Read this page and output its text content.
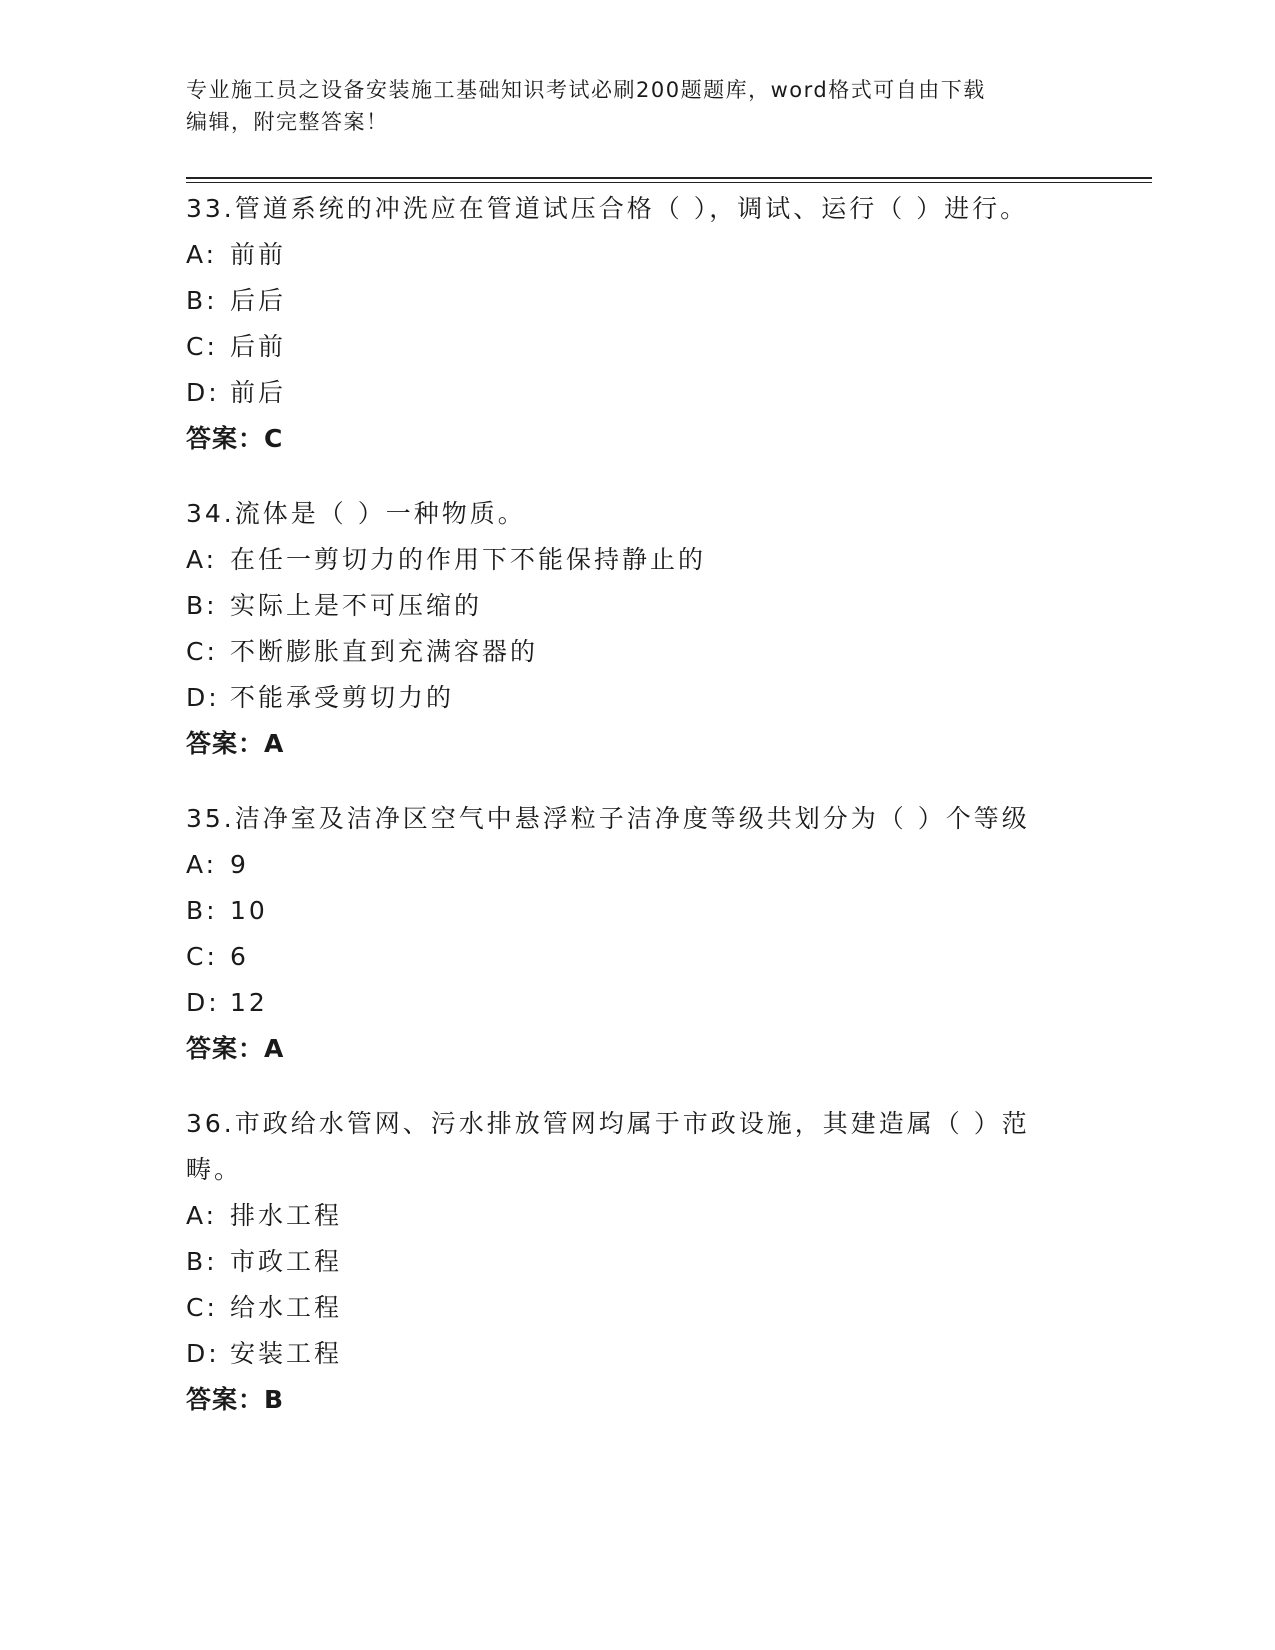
专业施工员之设备安装施工基础知识考试必刷200题题库，word格式可自由下载
编辑，附完整答案！

33.管道系统的冲洗应在管道试压合格（ ），调试、运行（ ）进行。

A: 前前

B: 后后

C: 后前

D: 前后

答案：C

34.流体是（ ）一种物质。

A: 在任一剪切力的作用下不能保持静止的

B: 实际上是不可压缩的

C: 不断膨胀直到充满容器的

D: 不能承受剪切力的

答案：A

35.洁净室及洁净区空气中悬浮粒子洁净度等级共划分为（ ）个等级

A: 9

B: 10

C: 6

D: 12

答案：A

36.市政给水管网、污水排放管网均属于市政设施，其建造属（ ）范畴。

A: 排水工程

B: 市政工程

C: 给水工程

D: 安装工程

答案：B
